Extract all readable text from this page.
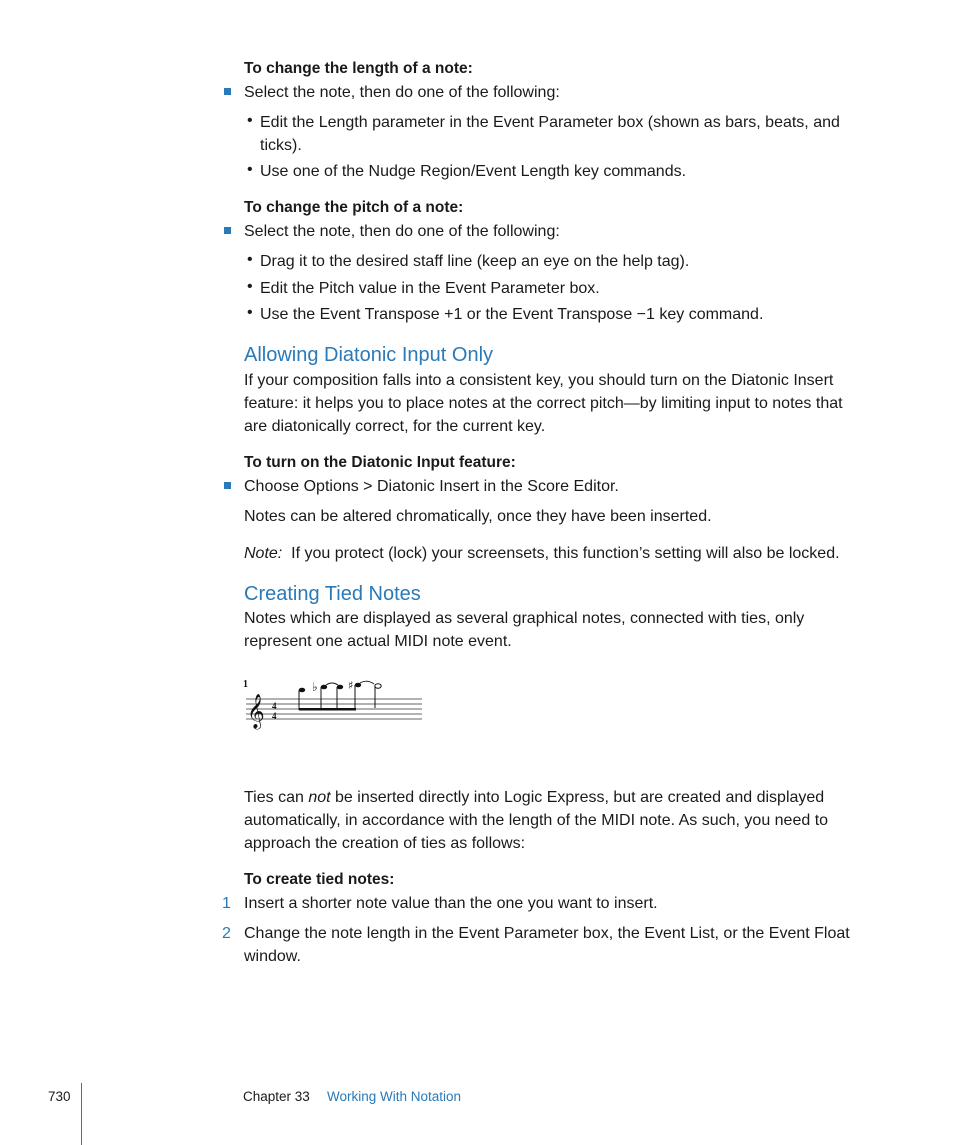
To change the length of a note:
Select the note, then do one of the following:
• Edit the Length parameter in the Event Parameter box (shown as bars, beats, and
ticks).
• Use one of the Nudge Region/Event Length key commands.
To change the pitch of a note:
Select the note, then do one of the following:
• Drag it to the desired staff line (keep an eye on the help tag).
• Edit the Pitch value in the Event Parameter box.
• Use the Event Transpose +1 or the Event Transpose −1 key command.
Allowing Diatonic Input Only
If your composition falls into a consistent key, you should turn on the Diatonic Insert
feature: it helps you to place notes at the correct pitch—by limiting input to notes that
are diatonically correct, for the current key.
To turn on the Diatonic Input feature:
Choose Options > Diatonic Insert in the Score Editor.
Notes can be altered chromatically, once they have been inserted.
Note: If you protect (lock) your screensets, this function’s setting will also be locked.
Creating Tied Notes
Notes which are displayed as several graphical notes, connected with ties, only
represent one actual MIDI note event.
1
𝄞 4
4
♭	♯
Ties can not be inserted directly into Logic Express, but are created and displayed
automatically, in accordance with the length of the MIDI note. As such, you need to
approach the creation of ties as follows:
To create tied notes:
1 Insert a shorter note value than the one you want to insert.
2 Change the note length in the Event Parameter box, the Event List, or the Event Float
window.
730	Chapter 33 Working With Notation
